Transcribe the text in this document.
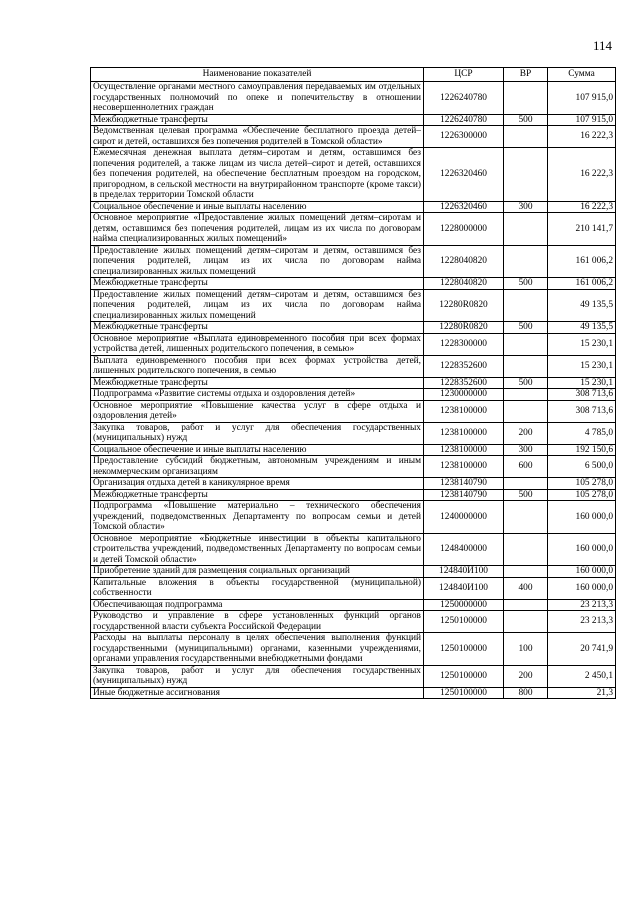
114
Наименование показателей	ЦСР	ВР	Сумма
Осуществление органами местного самоуправления передаваемых им отдельных государственных полномочий по опеке и попечительству в отношении несовершеннолетних граждан	1226240780		107 915,0
Межбюджетные трансферты	1226240780	500	107 915,0
Ведомственная целевая программа «Обеспечение бесплатного проезда детей–сирот и детей, оставшихся без попечения родителей в Томской области»	1226300000		16 222,3
Ежемесячная денежная выплата детям–сиротам и детям, оставшимся без попечения родителей, а также лицам из числа детей–сирот и детей, оставшихся без попечения родителей, на обеспечение бесплатным проездом на городском, пригородном, в сельской местности на внутрирайонном транспорте (кроме такси) в пределах территории Томской области	1226320460		16 222,3
Социальное обеспечение и иные выплаты населению	1226320460	300	16 222,3
Основное мероприятие «Предоставление жилых помещений детям–сиротам и детям, оставшимся без попечения родителей, лицам из их числа по договорам найма специализированных жилых помещений»	1228000000		210 141,7
Предоставление жилых помещений детям–сиротам и детям, оставшимся без попечения родителей, лицам из их числа по договорам найма специализированных жилых помещений	1228040820		161 006,2
Межбюджетные трансферты	1228040820	500	161 006,2
Предоставление жилых помещений детям–сиротам и детям, оставшимся без попечения родителей, лицам из их числа по договорам найма специализированных жилых помещений	12280R0820		49 135,5
Межбюджетные трансферты	12280R0820	500	49 135,5
Основное мероприятие «Выплата единовременного пособия при всех формах устройства детей, лишенных родительского попечения, в семью»	1228300000		15 230,1
Выплата единовременного пособия при всех формах устройства детей, лишенных родительского попечения, в семью	1228352600		15 230,1
Межбюджетные трансферты	1228352600	500	15 230,1
Подпрограмма «Развитие системы отдыха и оздоровления детей»	1230000000		308 713,6
Основное мероприятие «Повышение качества услуг в сфере отдыха и оздоровления детей»	1238100000		308 713,6
Закупка товаров, работ и услуг для обеспечения государственных (муниципальных) нужд	1238100000	200	4 785,0
Социальное обеспечение и иные выплаты населению	1238100000	300	192 150,6
Предоставление субсидий бюджетным, автономным учреждениям и иным некоммерческим организациям	1238100000	600	6 500,0
Организация отдыха детей в каникулярное время	1238140790		105 278,0
Межбюджетные трансферты	1238140790	500	105 278,0
Подпрограмма «Повышение материально – технического обеспечения учреждений, подведомственных Департаменту по вопросам семьи и детей Томской области»	1240000000		160 000,0
Основное мероприятие «Бюджетные инвестиции в объекты капитального строительства учреждений, подведомственных Департаменту по вопросам семьи и детей Томской области»	1248400000		160 000,0
Приобретение зданий для размещения социальных организаций	124840И100		160 000,0
Капитальные вложения в объекты государственной (муниципальной) собственности	124840И100	400	160 000,0
Обеспечивающая подпрограмма	1250000000		23 213,3
Руководство и управление в сфере установленных функций органов государственной власти субъекта Российской Федерации	1250100000		23 213,3
Расходы на выплаты персоналу в целях обеспечения выполнения функций государственными (муниципальными) органами, казенными учреждениями, органами управления государственными внебюджетными фондами	1250100000	100	20 741,9
Закупка товаров, работ и услуг для обеспечения государственных (муниципальных) нужд	1250100000	200	2 450,1
Иные бюджетные ассигнования	1250100000	800	21,3
